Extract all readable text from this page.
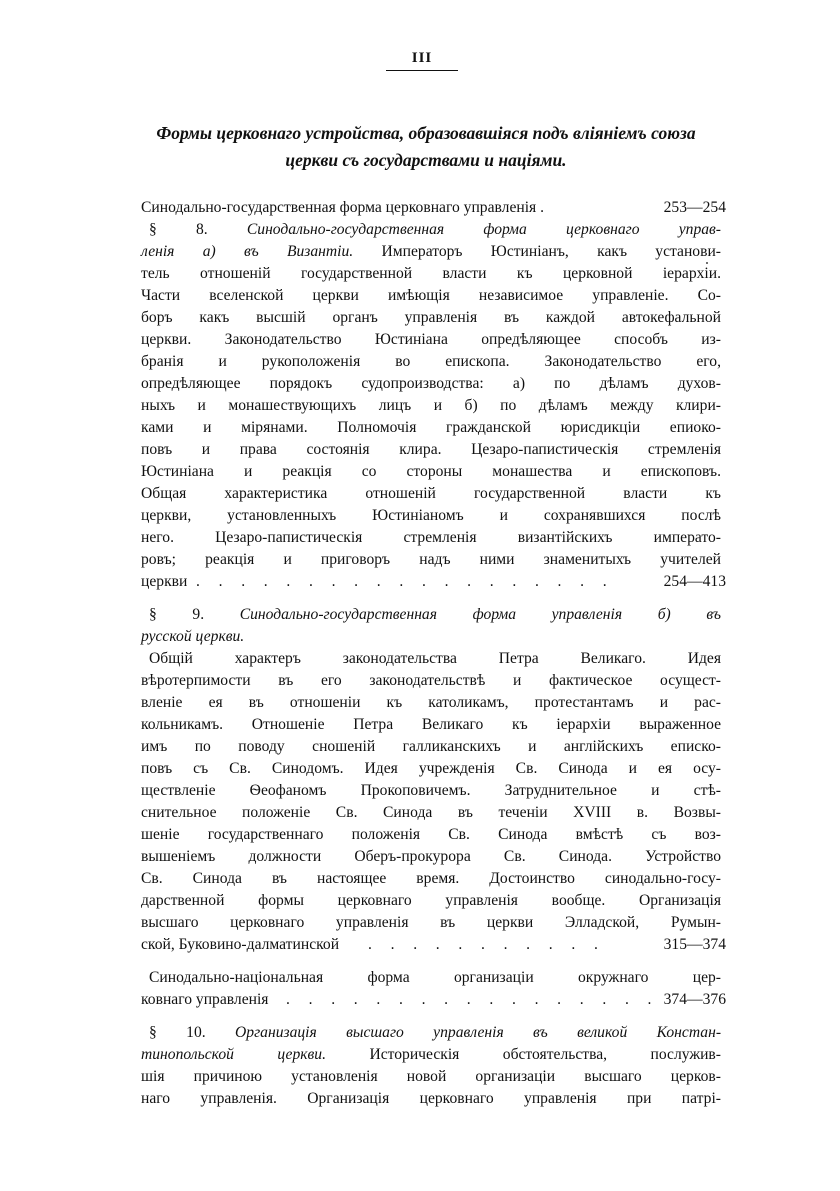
III
Формы церковнаго устройства, образовавшiяся подъ влiянiемъ союза
церкви съ государствами и нацiями.
Синодально-государственная форма церковнаго управленiя .	253—254
§ 8.	Синодально-государственная форма церковнаго управ-
ленiя а) въ Византiи. Императоръ Юстинiанъ, какъ установи-
тель отношенiй государственной власти къ церковной iерархiи.
Части вселенской церкви имѣющiя независимое управленiе. Со-
боръ какъ высшiй органъ управленiя въ каждой автокефальной
церкви. Законодательство Юстинiана опредѣляющее способъ из-
бранiя и рукоположенiя во епископа. Законодательство его,
опредѣляющее порядокъ судопроизводства: а) по дѣламъ духов-
ныхъ и монашествующихъ лицъ и б) по дѣламъ между клири-
ками и мiрянами. Полномочiя гражданской юрисдикцiи епиоко-
повъ и права состоянiя клира. Цезаро-папистическiя стремленiя
Юстинiана и реакцiя со стороны монашества и епископовъ.
Общая характеристика отношенiй государственной власти къ
церкви, установленныхъ Юстинiаномъ и сохранявшихся послѣ
него. Цезаро-папистическiя стремленiя византiйскихъ императо-
ровъ; реакцiя и приговоръ надъ ними знаменитыхъ учителей
церкви . . . . . . . . . . . . . . . . . . .	254—413
§ 9. Синодально-государственная форма управленiя б) въ
русской церкви.
Общiй характеръ законодательства Петра Великаго. Идея
вѣротерпимости въ его законодательствѣ и фактическое осущест-
вленiе ея въ отношенiи къ католикамъ, протестантамъ и рас-
кольникамъ. Отношенiе Петра Великаго къ iерархiи выраженное
имъ по поводу сношенiй галликанскихъ и англiйскихъ еписко-
повъ съ Св. Синодомъ. Идея учрежденiя Св. Синода и ея осу-
ществленiе Ѳеофаномъ Прокоповичемъ. Затруднительное и стѣ-
снительное положенiе Св. Синода въ теченiи XVIII в. Возвы-
шенiе государственнаго положенiя Св. Синода вмѣстѣ съ воз-
вышенiемъ должности Оберъ-прокурора Св. Синода. Устройство
Св. Синода въ настоящее время. Достоинство синодально-госу-
дарственной формы церковнаго управленiя вообще. Организацiя
высшаго церковнаго управленiя въ церкви Элладской, Румын-
ской, Буковино-далматинской	. . . . . . . . . . .	315—374
Синодально-нацiональная форма организацiи окружнаго цер-
ковнаго управленiя	. . . . . . . . . . . . . . . . . 374—376
§ 10. Организацiя высшаго управленiя въ великой Констан-
тинопольской церкви.	Историческiя обстоятельства, послужив-
шiя причиною установленiя новой организацiи высшаго церков-
наго управленiя. Организацiя церковнаго управленiя при патрi-
